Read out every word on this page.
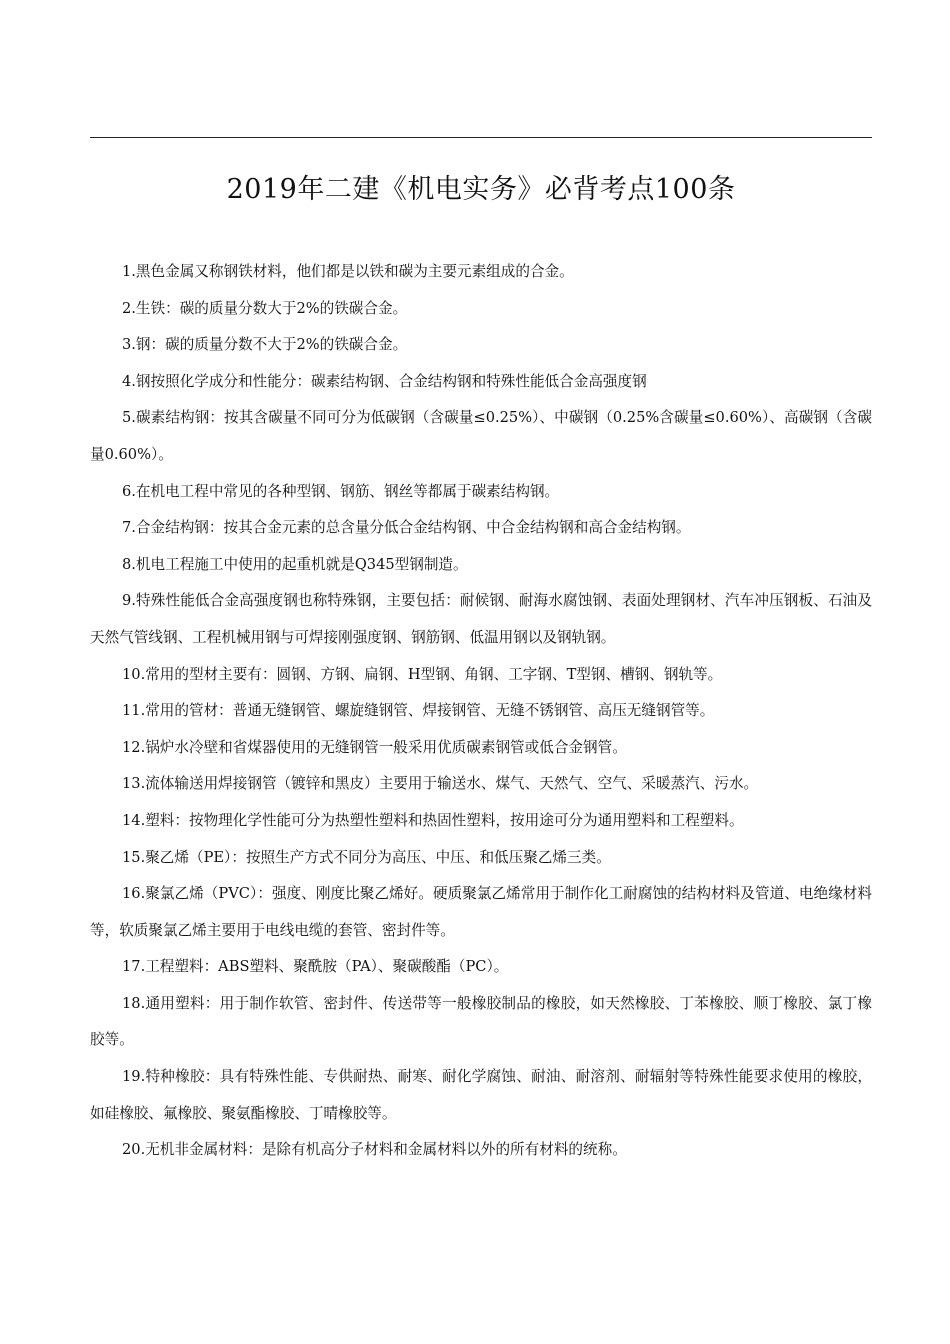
2019年二建《机电实务》必背考点100条
1.黑色金属又称钢铁材料，他们都是以铁和碳为主要元素组成的合金。
2.生铁：碳的质量分数大于2%的铁碳合金。
3.钢：碳的质量分数不大于2%的铁碳合金。
4.钢按照化学成分和性能分：碳素结构钢、合金结构钢和特殊性能低合金高强度钢
5.碳素结构钢：按其含碳量不同可分为低碳钢（含碳量≤0.25%）、中碳钢（0.25%含碳量≤0.60%）、高碳钢（含碳量0.60%）。
6.在机电工程中常见的各种型钢、钢筋、钢丝等都属于碳素结构钢。
7.合金结构钢：按其合金元素的总含量分低合金结构钢、中合金结构钢和高合金结构钢。
8.机电工程施工中使用的起重机就是Q345型钢制造。
9.特殊性能低合金高强度钢也称特殊钢，主要包括：耐候钢、耐海水腐蚀钢、表面处理钢材、汽车冲压钢板、石油及天然气管线钢、工程机械用钢与可焊接刚强度钢、钢筋钢、低温用钢以及钢轨钢。
10.常用的型材主要有：圆钢、方钢、扁钢、H型钢、角钢、工字钢、T型钢、槽钢、钢轨等。
11.常用的管材：普通无缝钢管、螺旋缝钢管、焊接钢管、无缝不锈钢管、高压无缝钢管等。
12.锅炉水冷壁和省煤器使用的无缝钢管一般采用优质碳素钢管或低合金钢管。
13.流体输送用焊接钢管（镀锌和黑皮）主要用于输送水、煤气、天然气、空气、采暖蒸汽、污水。
14.塑料：按物理化学性能可分为热塑性塑料和热固性塑料，按用途可分为通用塑料和工程塑料。
15.聚乙烯（PE）：按照生产方式不同分为高压、中压、和低压聚乙烯三类。
16.聚氯乙烯（PVC）：强度、刚度比聚乙烯好。硬质聚氯乙烯常用于制作化工耐腐蚀的结构材料及管道、电绝缘材料等，软质聚氯乙烯主要用于电线电缆的套管、密封件等。
17.工程塑料：ABS塑料、聚酰胺（PA）、聚碳酸酯（PC）。
18.通用塑料：用于制作软管、密封件、传送带等一般橡胶制品的橡胶，如天然橡胶、丁苯橡胶、顺丁橡胶、氯丁橡胶等。
19.特种橡胶：具有特殊性能、专供耐热、耐寒、耐化学腐蚀、耐油、耐溶剂、耐辐射等特殊性能要求使用的橡胶，如硅橡胶、氟橡胶、聚氨酯橡胶、丁晴橡胶等。
20.无机非金属材料：是除有机高分子材料和金属材料以外的所有材料的统称。
